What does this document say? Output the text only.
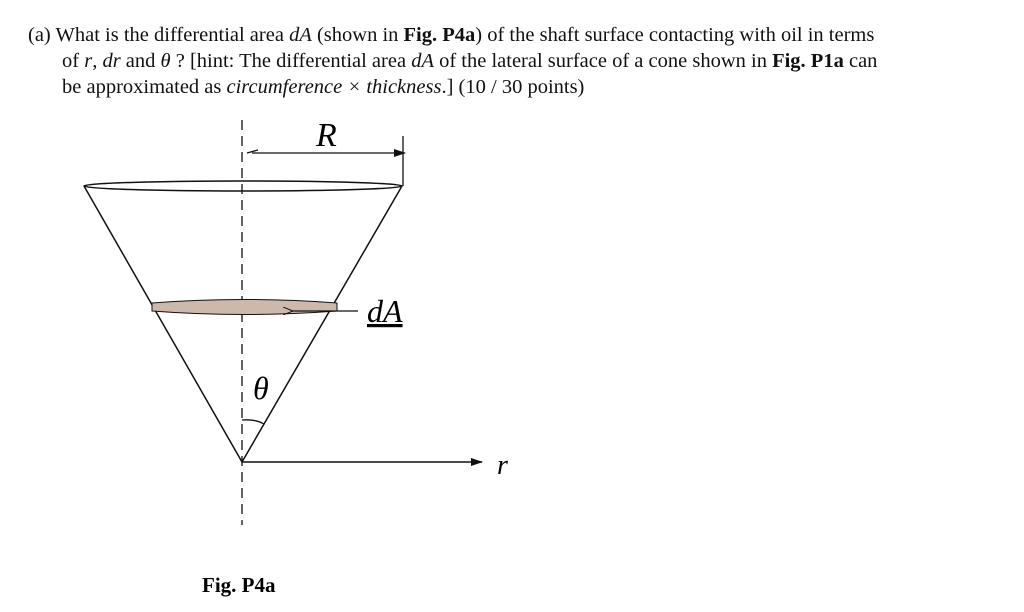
(a) What is the differential area dA (shown in Fig. P4a) of the shaft surface contacting with oil in terms
of r, dr and θ ? [hint: The differential area dA of the lateral surface of a cone shown in Fig. P1a can
be approximated as circumference × thickness.] (10 / 30 points)
R
dA
θ
r
Fig. P4a
